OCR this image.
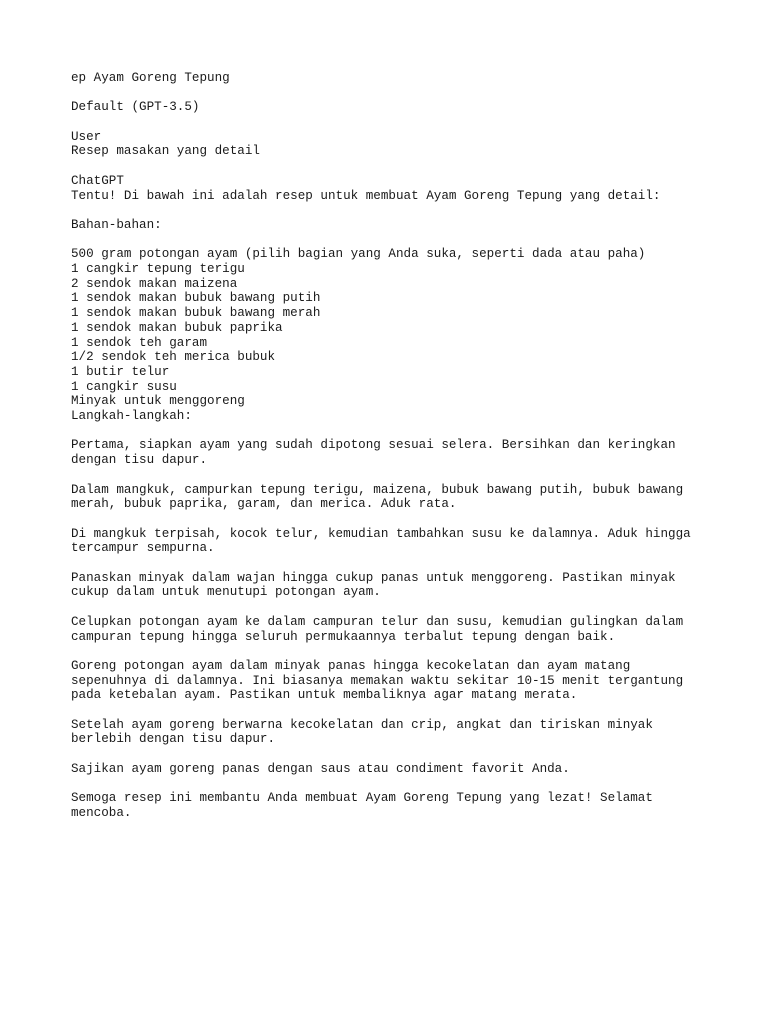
ep Ayam Goreng Tepung
Default (GPT-3.5)
User
Resep masakan yang detail
ChatGPT
Tentu! Di bawah ini adalah resep untuk membuat Ayam Goreng Tepung yang detail:
Bahan-bahan:
500 gram potongan ayam (pilih bagian yang Anda suka, seperti dada atau paha)
1 cangkir tepung terigu
2 sendok makan maizena
1 sendok makan bubuk bawang putih
1 sendok makan bubuk bawang merah
1 sendok makan bubuk paprika
1 sendok teh garam
1/2 sendok teh merica bubuk
1 butir telur
1 cangkir susu
Minyak untuk menggoreng
Langkah-langkah:
Pertama, siapkan ayam yang sudah dipotong sesuai selera. Bersihkan dan keringkan
dengan tisu dapur.
Dalam mangkuk, campurkan tepung terigu, maizena, bubuk bawang putih, bubuk bawang
merah, bubuk paprika, garam, dan merica. Aduk rata.
Di mangkuk terpisah, kocok telur, kemudian tambahkan susu ke dalamnya. Aduk hingga
tercampur sempurna.
Panaskan minyak dalam wajan hingga cukup panas untuk menggoreng. Pastikan minyak
cukup dalam untuk menutupi potongan ayam.
Celupkan potongan ayam ke dalam campuran telur dan susu, kemudian gulingkan dalam
campuran tepung hingga seluruh permukaannya terbalut tepung dengan baik.
Goreng potongan ayam dalam minyak panas hingga kecokelatan dan ayam matang
sepenuhnya di dalamnya. Ini biasanya memakan waktu sekitar 10-15 menit tergantung
pada ketebalan ayam. Pastikan untuk membaliknya agar matang merata.
Setelah ayam goreng berwarna kecokelatan dan crip, angkat dan tiriskan minyak
berlebih dengan tisu dapur.
Sajikan ayam goreng panas dengan saus atau condiment favorit Anda.
Semoga resep ini membantu Anda membuat Ayam Goreng Tepung yang lezat! Selamat
mencoba.
